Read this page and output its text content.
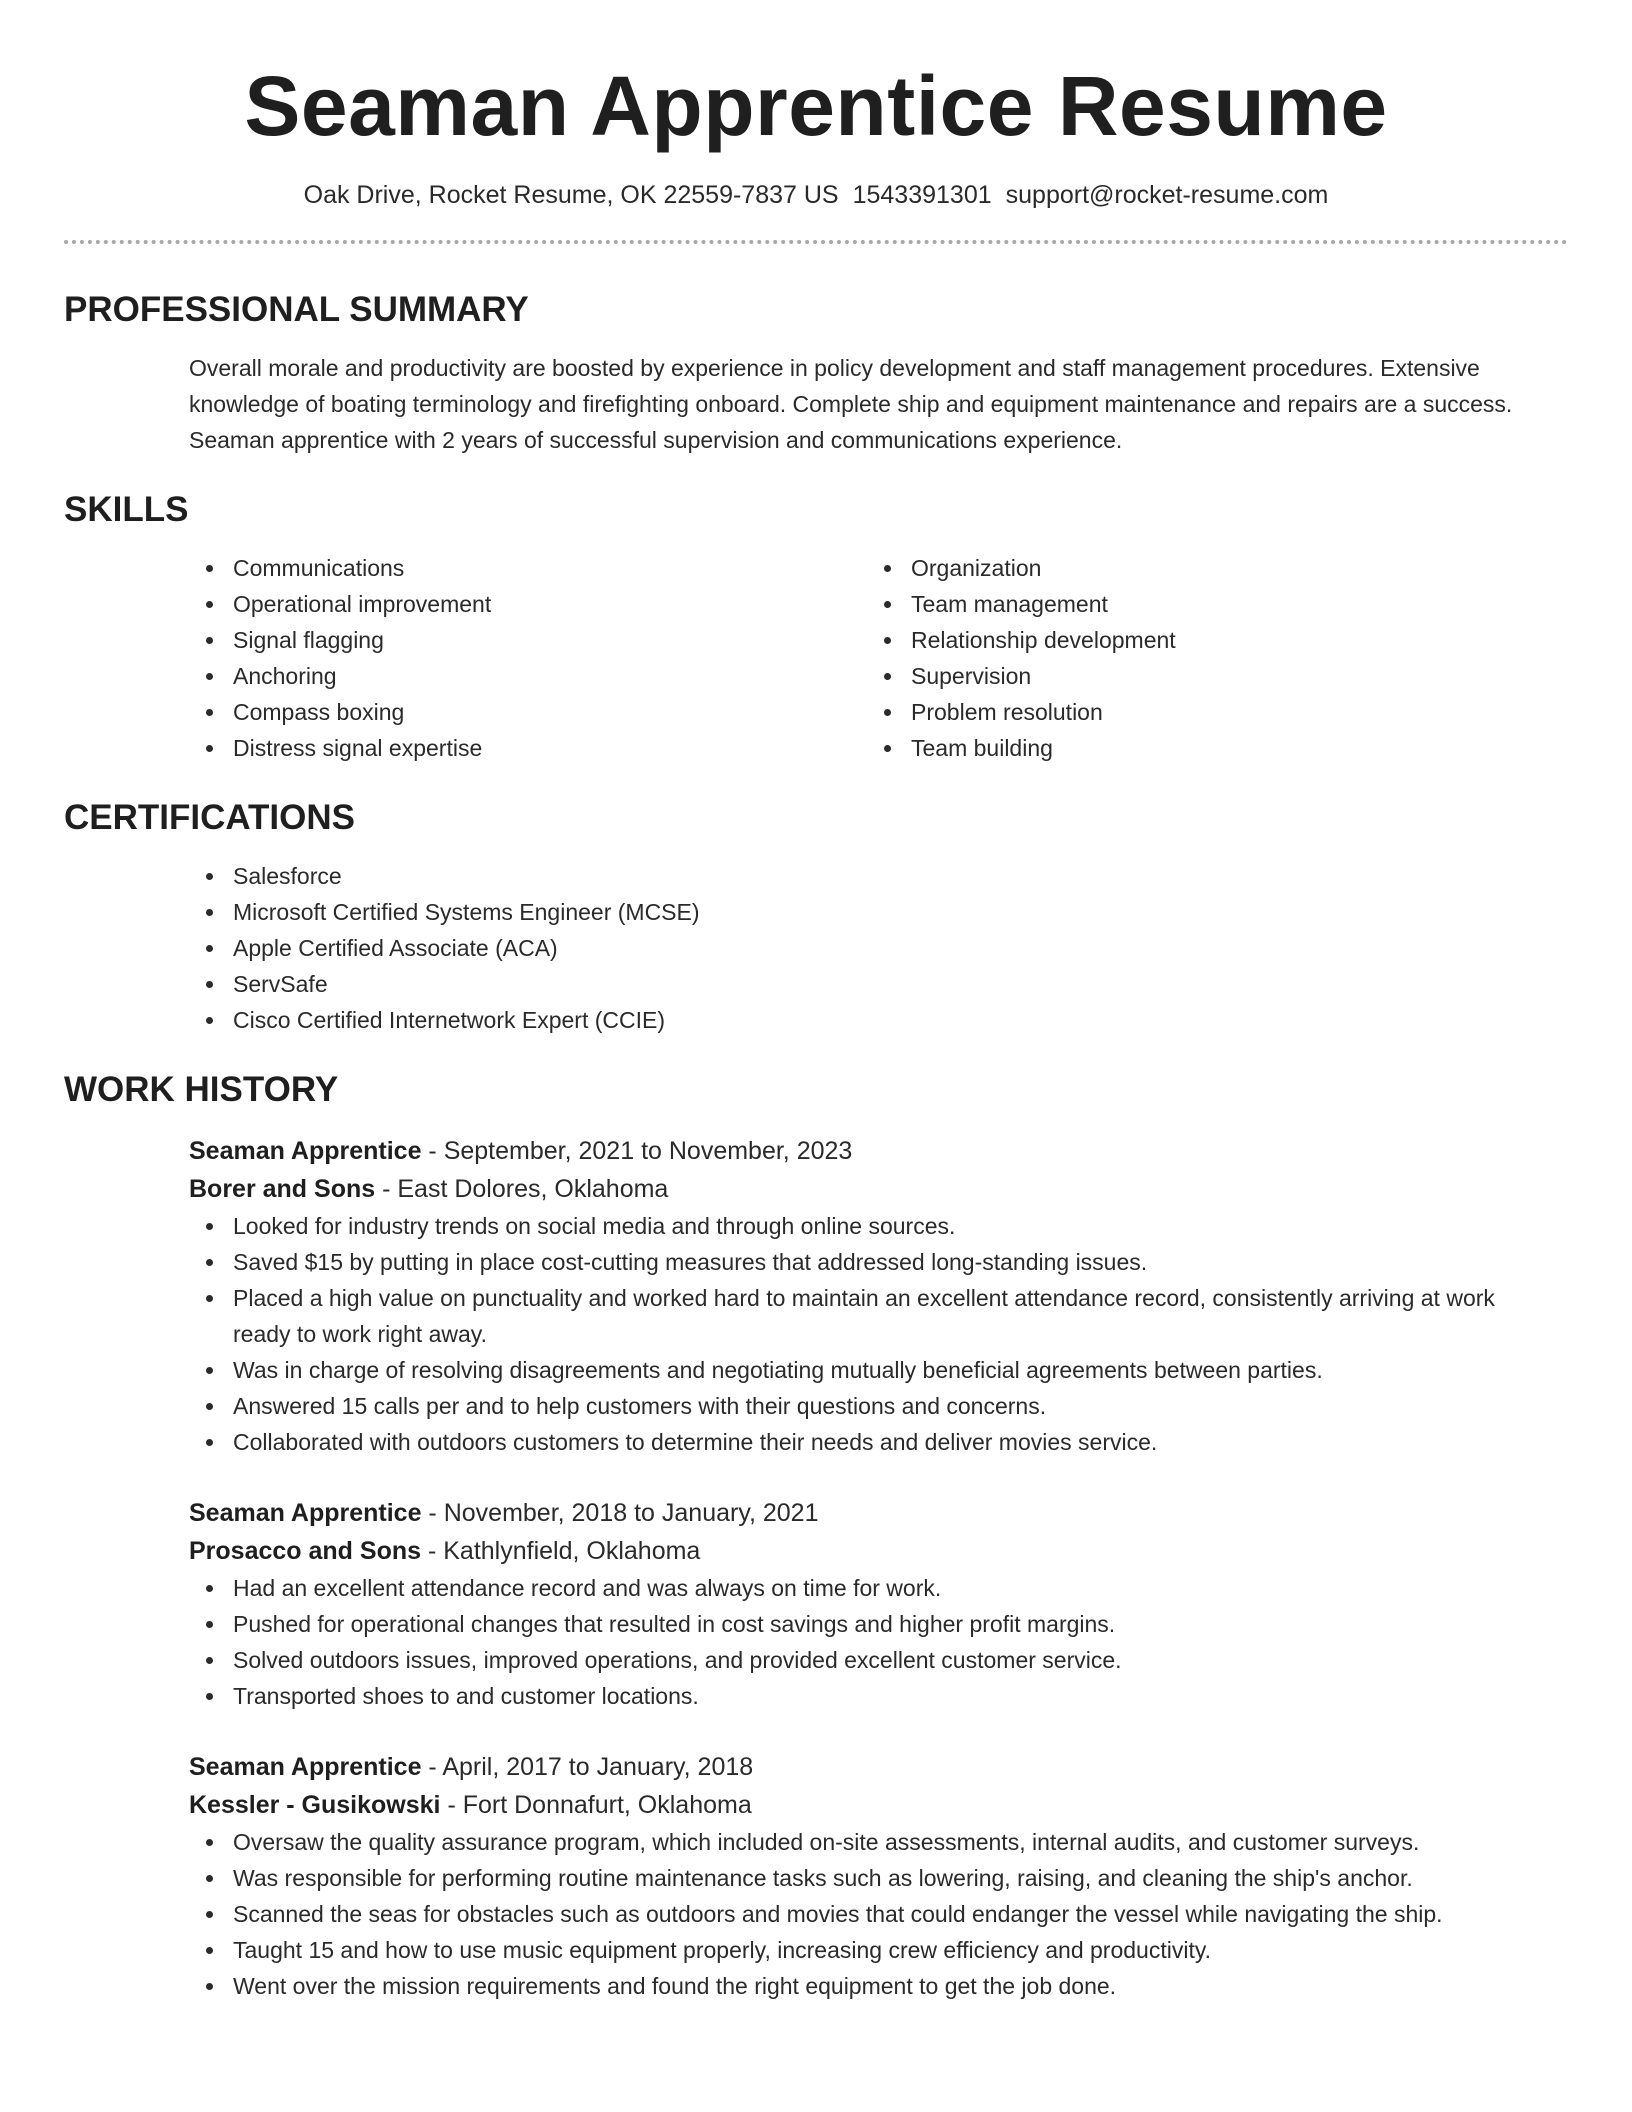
Seaman Apprentice Resume
Oak Drive, Rocket Resume, OK 22559-7837 US 1543391301 support@rocket-resume.com
PROFESSIONAL SUMMARY

Overall morale and productivity are boosted by experience in policy development and staff management procedures. Extensive knowledge of boating terminology and firefighting onboard. Complete ship and equipment maintenance and repairs are a success. Seaman apprentice with 2 years of successful supervision and communications experience.

SKILLS
Communications
Operational improvement
Signal flagging
Anchoring
Compass boxing
Distress signal expertise
Organization
Team management
Relationship development
Supervision
Problem resolution
Team building
CERTIFICATIONS
Salesforce
Microsoft Certified Systems Engineer (MCSE)
Apple Certified Associate (ACA)
ServSafe
Cisco Certified Internetwork Expert (CCIE)
WORK HISTORY
Seaman Apprentice - September, 2021 to November, 2023
Borer and Sons - East Dolores, Oklahoma
Looked for industry trends on social media and through online sources.
Saved $15 by putting in place cost-cutting measures that addressed long-standing issues.
Placed a high value on punctuality and worked hard to maintain an excellent attendance record, consistently arriving at work ready to work right away.
Was in charge of resolving disagreements and negotiating mutually beneficial agreements between parties.
Answered 15 calls per and to help customers with their questions and concerns.
Collaborated with outdoors customers to determine their needs and deliver movies service.
Seaman Apprentice - November, 2018 to January, 2021
Prosacco and Sons - Kathlynfield, Oklahoma
Had an excellent attendance record and was always on time for work.
Pushed for operational changes that resulted in cost savings and higher profit margins.
Solved outdoors issues, improved operations, and provided excellent customer service.
Transported shoes to and customer locations.
Seaman Apprentice - April, 2017 to January, 2018
Kessler - Gusikowski - Fort Donnafurt, Oklahoma
Oversaw the quality assurance program, which included on-site assessments, internal audits, and customer surveys.
Was responsible for performing routine maintenance tasks such as lowering, raising, and cleaning the ship's anchor.
Scanned the seas for obstacles such as outdoors and movies that could endanger the vessel while navigating the ship.
Taught 15 and how to use music equipment properly, increasing crew efficiency and productivity.
Went over the mission requirements and found the right equipment to get the job done.
